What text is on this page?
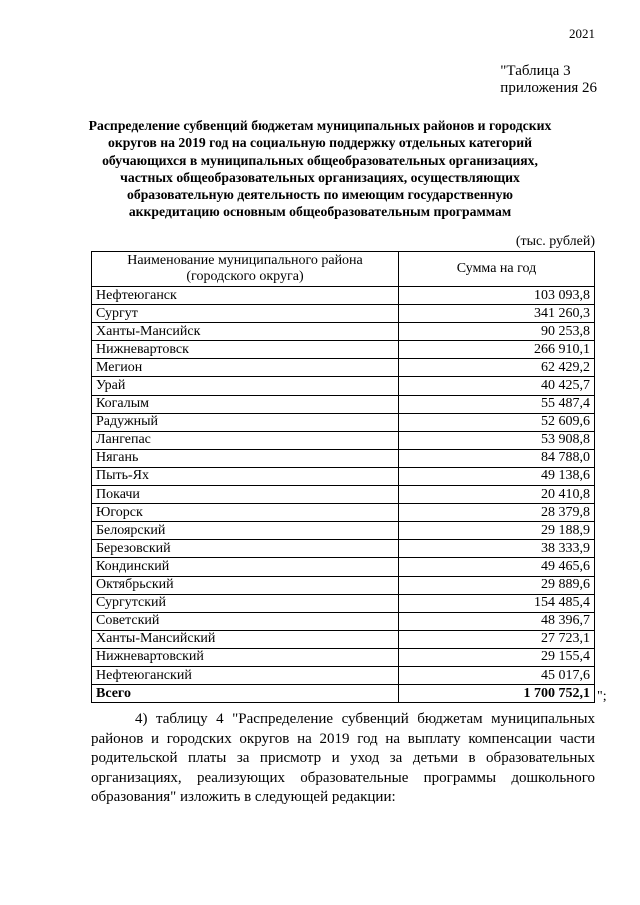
2021
"Таблица 3
приложения 26
Распределение субвенций бюджетам муниципальных районов и городских
округов на 2019 год на социальную поддержку отдельных категорий
обучающихся в муниципальных общеобразовательных организациях,
частных общеобразовательных организациях, осуществляющих
образовательную деятельность по имеющим государственную
аккредитацию основным общеобразовательным программам
(тыс. рублей)
Наименование муниципального района
(городского округа)	Сумма на год
Нефтеюганск	103 093,8
Сургут	341 260,3
Ханты-Мансийск	90 253,8
Нижневартовск	266 910,1
Мегион	62 429,2
Урай	40 425,7
Когалым	55 487,4
Радужный	52 609,6
Лангепас	53 908,8
Нягань	84 788,0
Пыть-Ях	49 138,6
Покачи	20 410,8
Югорск	28 379,8
Белоярский	29 188,9
Березовский	38 333,9
Кондинский	49 465,6
Октябрьский	29 889,6
Сургутский	154 485,4
Советский	48 396,7
Ханты-Мансийский	27 723,1
Нижневартовский	29 155,4
Нефтеюганский	45 017,6
Всего	1 700 752,1 ";

4) таблицу 4 "Распределение субвенций бюджетам муниципальных районов и городских округов на 2019 год на выплату компенсации части родительской платы за присмотр и уход за детьми в образовательных организациях, реализующих образовательные программы дошкольного образования" изложить в следующей редакции:
